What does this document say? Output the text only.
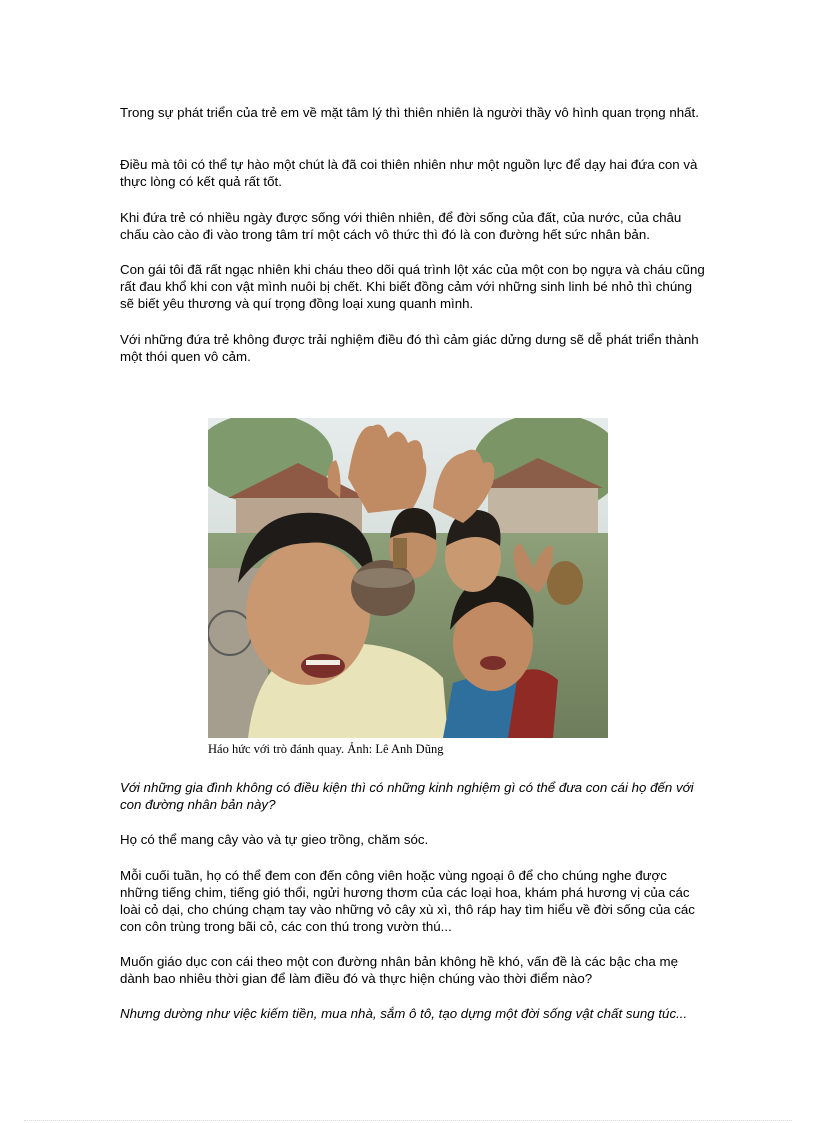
Trong sự phát triển của trẻ em về mặt tâm lý thì thiên nhiên là người thầy vô hình quan trọng nhất.

Điều mà tôi có thể tự hào một chút là đã coi thiên nhiên như một nguồn lực để dạy hai đứa con và thực lòng có kết quả rất tốt.

Khi đứa trẻ có nhiều ngày được sống với thiên nhiên, để đời sống của đất, của nước, của châu chấu cào cào đi vào trong tâm trí một cách vô thức thì đó là con đường hết sức nhân bản.

Con gái tôi đã rất ngạc nhiên khi cháu theo dõi quá trình lột xác của một con bọ ngựa và cháu cũng rất đau khổ khi con vật mình nuôi bị chết. Khi biết đồng cảm với những sinh linh bé nhỏ thì chúng sẽ biết yêu thương và quí trọng đồng loại xung quanh mình.

Với những đứa trẻ không được trải nghiệm điều đó thì cảm giác dửng dưng sẽ dễ phát triển thành một thói quen vô cảm.

Háo hức với trò đánh quay. Ảnh: Lê Anh Dũng

Với những gia đình không có điều kiện thì có những kinh nghiệm gì có thể đưa con cái họ đến với con đường nhân bản này?

Họ có thể mang cây vào và tự gieo trồng, chăm sóc.

Mỗi cuối tuần, họ có thể đem con đến công viên hoặc vùng ngoại ô để cho chúng nghe được những tiếng chim, tiếng gió thổi, ngửi hương thơm của các loại hoa, khám phá hương vị của các loài cỏ dại, cho chúng chạm tay vào những vỏ cây xù xì, thô ráp hay tìm hiểu về đời sống của các con côn trùng trong bãi cỏ, các con thú trong vườn thú...

Muốn giáo dục con cái theo một con đường nhân bản không hề khó, vấn đề là các bậc cha mẹ dành bao nhiêu thời gian để làm điều đó và thực hiện chúng vào thời điểm nào?

Nhưng dường như việc kiếm tiền, mua nhà, sắm ô tô, tạo dựng một đời sống vật chất sung túc...
